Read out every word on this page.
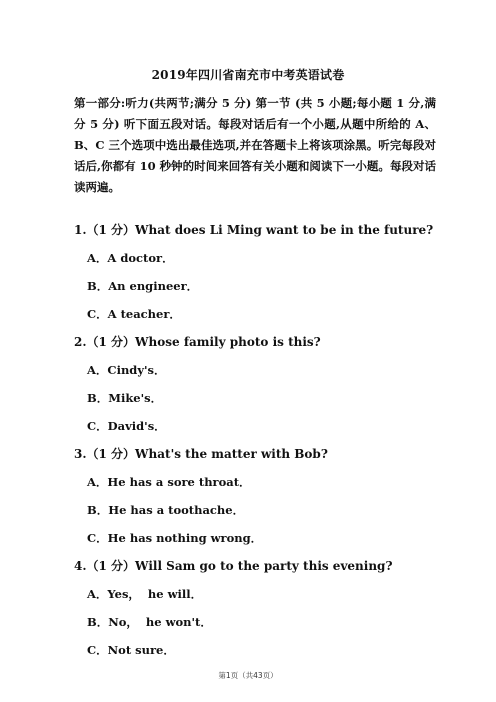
2019年四川省南充市中考英语试卷
第一部分:听力(共两节;满分 5 分) 第一节 (共 5 小题;每小题 1 分,满分 5 分) 听下面五段对话。每段对话后有一个小题,从题中所给的 A、B、C 三个选项中选出最佳选项,并在答题卡上将该项涂黑。听完每段对话后,你都有 10 秒钟的时间来回答有关小题和阅读下一小题。每段对话读两遍。
1.（1 分）What does Li Ming want to be in the future?
A．A doctor．
B．An engineer．
C．A teacher．
2.（1 分）Whose family photo is this?
A．Cindy's．
B．Mike's．
C．David's．
3.（1 分）What's the matter with Bob?
A．He has a sore throat．
B．He has a toothache．
C．He has nothing wrong．
4.（1 分）Will Sam go to the party this evening?
A．Yes，  he will．
B．No，  he won't．
C．Not sure．
第1页（共43页）
